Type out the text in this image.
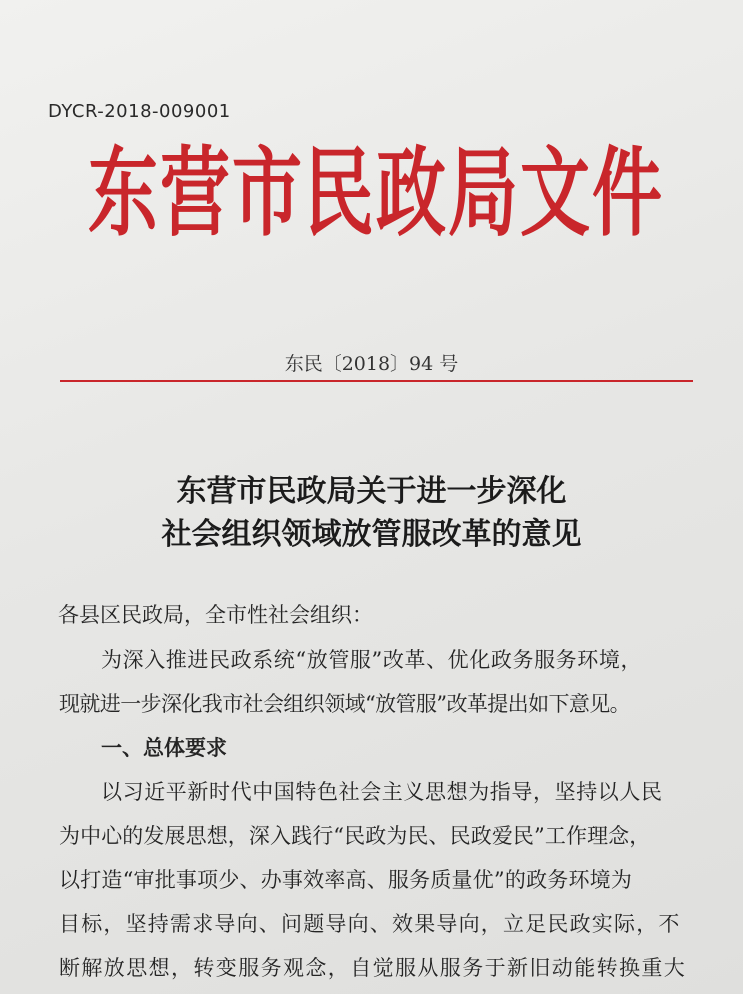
DYCR-2018-009001
东营市民政局文件
东民〔2018〕94 号
东营市民政局关于进一步深化
社会组织领域放管服改革的意见
各县区民政局，全市性社会组织：
为深入推进民政系统“放管服”改革、优化政务服务环境，
现就进一步深化我市社会组织领域“放管服”改革提出如下意见。
一、总体要求
以习近平新时代中国特色社会主义思想为指导，坚持以人民
为中心的发展思想，深入践行“民政为民、民政爱民”工作理念，
以打造“审批事项少、办事效率高、服务质量优”的政务环境为
目标，坚持需求导向、问题导向、效果导向，立足民政实际，不
断解放思想，转变服务观念，自觉服从服务于新旧动能转换重大
